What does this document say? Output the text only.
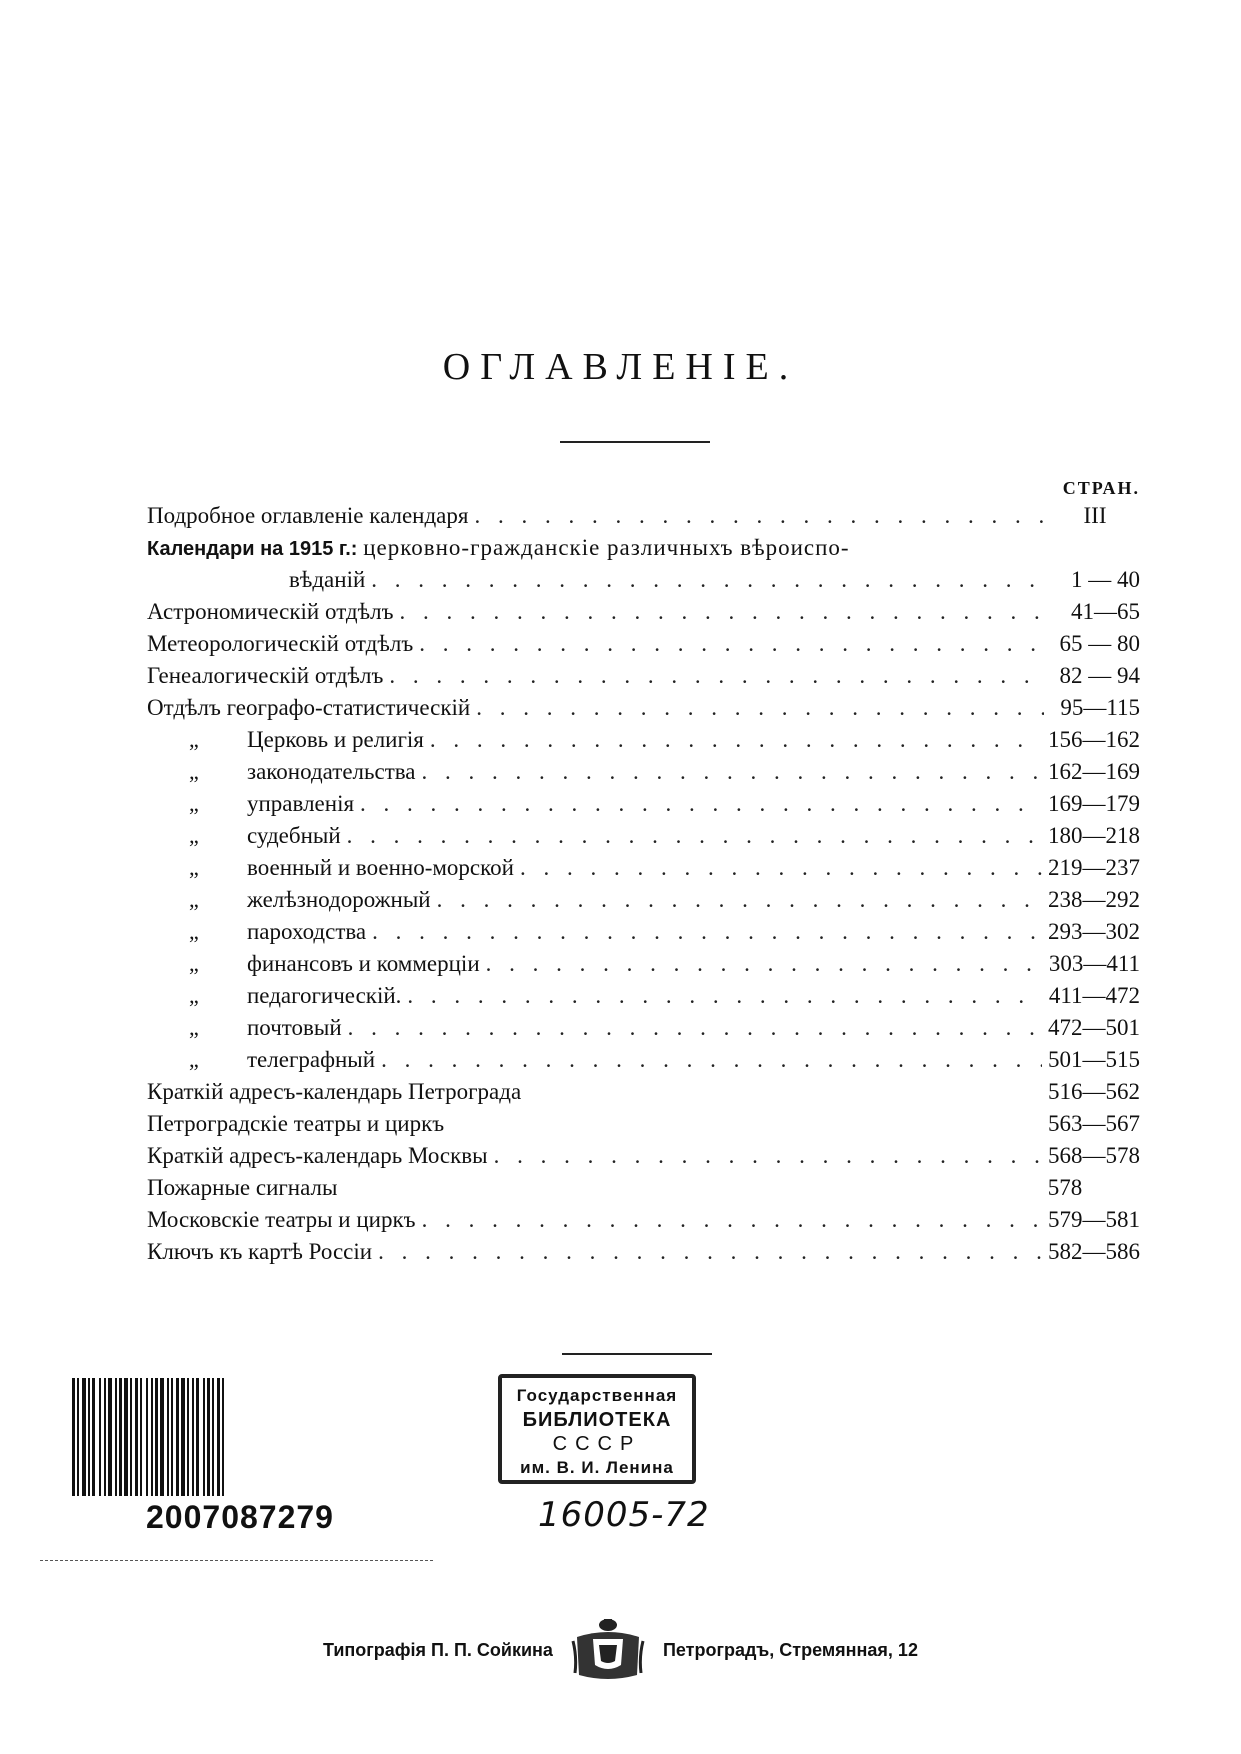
ОГЛАВЛЕНІЕ.
СТРАН.
Подробное оглавленіе календаря . . .	III
Календари на 1915 г.: церковно-гражданскіе различныхъ вѣроиспо-
вѣданій . . .	1 — 40
Астрономическій отдѣлъ . . .	41—65
Метеорологическій отдѣлъ . . .	65 — 80
Генеалогическій отдѣлъ . . .	82 — 94
Отдѣлъ географо-статистическій . . .	95—115
„	Церковь и религія . . .	156—162
„	законодательства . . .	162—169
„	управленія . . .	169—179
„	судебный . . .	180—218
„	военный и военно-морской . . .	219—237
„	желѣзнодорожный . . .	238—292
„	пароходства . . .	293—302
„	финансовъ и коммерціи . . .	303—411
„	педагогическій. . . .	411—472
„	почтовый . . .	472—501
„	телеграфный . . .	501—515
Краткій адресъ-календарь Петрограда	516—562
Петроградскіе театры и циркъ	563—567
Краткій адресъ-календарь Москвы . . .	568—578
Пожарные сигналы	578
Московскіе театры и циркъ . . .	579—581
Ключъ къ картѣ Россіи . . .	582—586
2007087279
Государственная
БИБЛИОТЕКА
СССР
им. В. И. Ленина
16005-72
Типографія П. П. Сойкина	Петроградъ, Стремянная, 12
